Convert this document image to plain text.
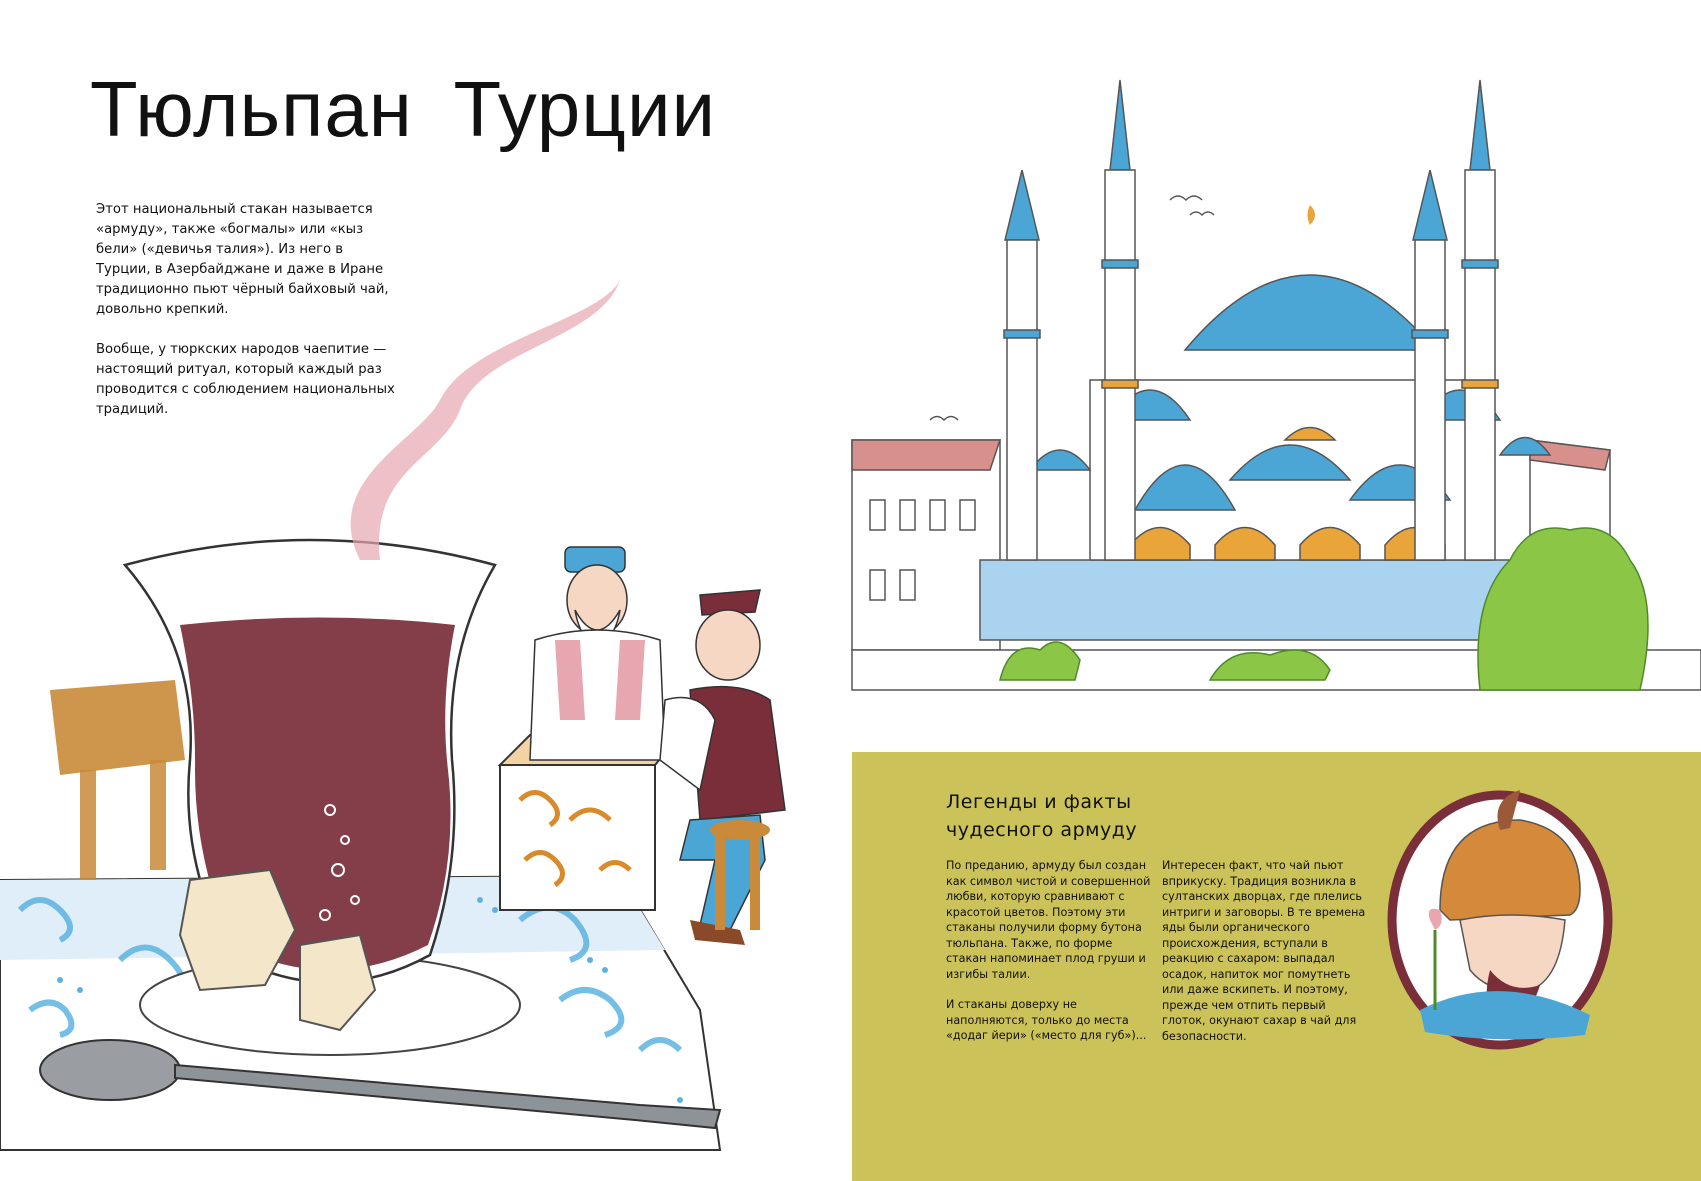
Тюльпан Турции

Этот национальный стакан называется «армуду», также «богмалы» или «кыз бели» («девичья талия»). Из него в Турции, в Азербайджане и даже в Иране традиционно пьют чёрный байховый чай, довольно крепкий.

Вообще, у тюркских народов чаепитие — настоящий ритуал, который каждый раз проводится с соблюдением национальных традиций.

Легенды и факты
чудесного армуду

По преданию, армуду был создан как символ чистой и совершенной любви, которую сравнивают с красотой цветов. Поэтому эти стаканы получили форму бутона тюльпана. Также, по форме стакан напоминает плод груши и изгибы талии.

И стаканы доверху не наполняются, только до места «додаг йери» («место для губ»)...

Интересен факт, что чай пьют вприкуску. Традиция возникла в султанских дворцах, где плелись интриги и заговоры. В те времена яды были органического происхождения, вступали в реакцию с сахаром: выпадал осадок, напиток мог помутнеть или даже вскипеть. И поэтому, прежде чем отпить первый глоток, окунают сахар в чай для безопасности.
